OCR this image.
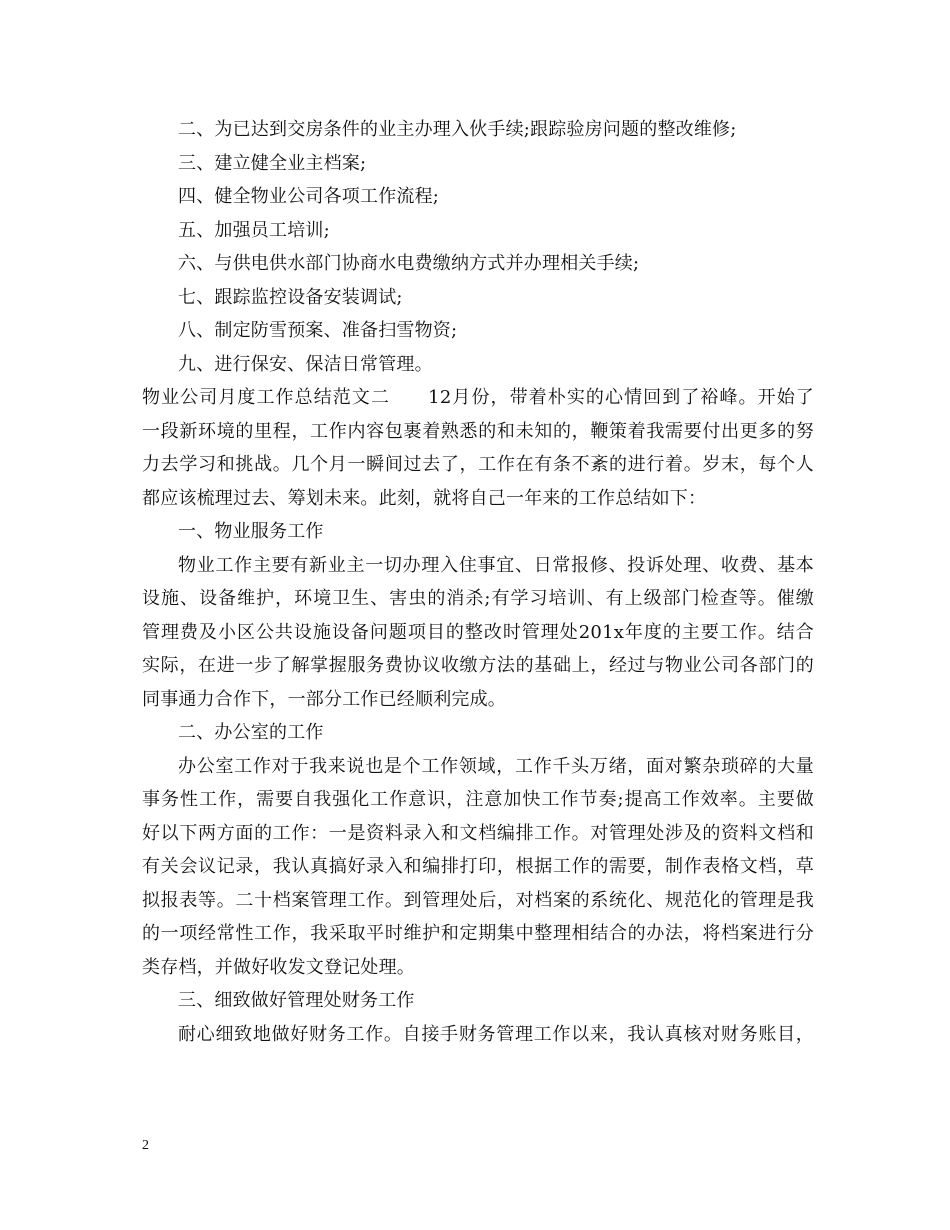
二、为已达到交房条件的业主办理入伙手续;跟踪验房问题的整改维修;
三、建立健全业主档案;
四、健全物业公司各项工作流程;
五、加强员工培训;
六、与供电供水部门协商水电费缴纳方式并办理相关手续;
七、跟踪监控设备安装调试;
八、制定防雪预案、准备扫雪物资;
九、进行保安、保洁日常管理。
物业公司月度工作总结范文二　　12月份，带着朴实的心情回到了裕峰。开始了
一段新环境的里程，工作内容包裹着熟悉的和未知的，鞭策着我需要付出更多的努
力去学习和挑战。几个月一瞬间过去了，工作在有条不紊的进行着。岁末，每个人
都应该梳理过去、筹划未来。此刻，就将自己一年来的工作总结如下：
一、物业服务工作
物业工作主要有新业主一切办理入住事宜、日常报修、投诉处理、收费、基本
设施、设备维护，环境卫生、害虫的消杀;有学习培训、有上级部门检查等。催缴
管理费及小区公共设施设备问题项目的整改时管理处201x年度的主要工作。结合
实际，在进一步了解掌握服务费协议收缴方法的基础上，经过与物业公司各部门的
同事通力合作下，一部分工作已经顺利完成。
二、办公室的工作
办公室工作对于我来说也是个工作领域，工作千头万绪，面对繁杂琐碎的大量
事务性工作，需要自我强化工作意识，注意加快工作节奏;提高工作效率。主要做
好以下两方面的工作：一是资料录入和文档编排工作。对管理处涉及的资料文档和
有关会议记录，我认真搞好录入和编排打印，根据工作的需要，制作表格文档，草
拟报表等。二十档案管理工作。到管理处后，对档案的系统化、规范化的管理是我
的一项经常性工作，我采取平时维护和定期集中整理相结合的办法，将档案进行分
类存档，并做好收发文登记处理。
三、细致做好管理处财务工作
耐心细致地做好财务工作。自接手财务管理工作以来，我认真核对财务账目，
2
